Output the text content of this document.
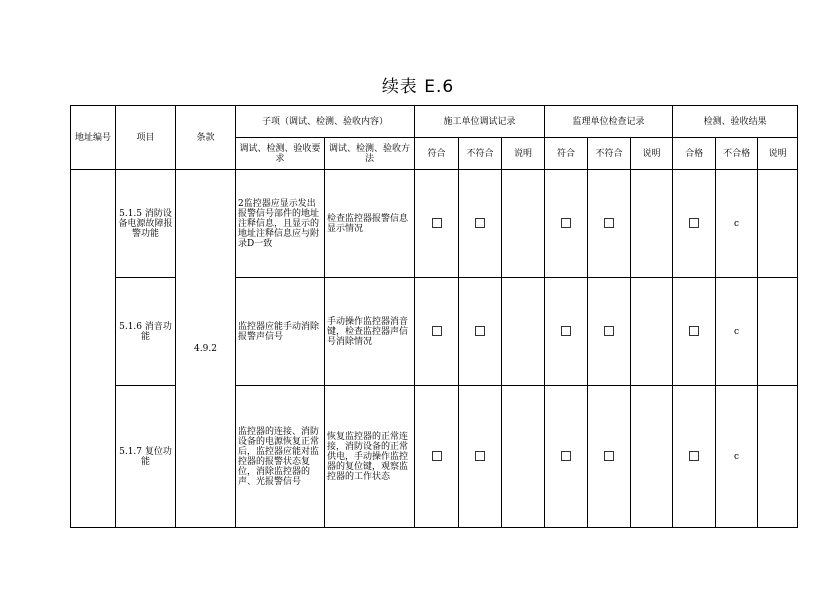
续表 E.6
地址编号	项目	条款	子项（调试、检测、验收内容）		施工单位调试记录			监理单位检查记录			检测、验收结果		
			调试、检测、验收要求	调试、检测、验收方法	符合	不符合	说明	符合	不符合	说明	合格	不合格	说明
	5.1.5 消防设备电源故障报警功能	4.9.2	2监控器应显示发出报警信号部件的地址注释信息，且显示的地址注释信息应与附录D一致	检查监控器报警信息显示情况								c	
	5.1.6 消音功能		监控器应能手动消除报警声信号	手动操作监控器消音键，检查监控器声信号消除情况								c	
	5.1.7 复位功能		监控器的连接、消防设备的电源恢复正常后，监控器应能对监控器的报警状态复位，消除监控器的声、光报警信号	恢复监控器的正常连接，消防设备的正常供电，手动操作监控器的复位键，观察监控器的工作状态								c	
